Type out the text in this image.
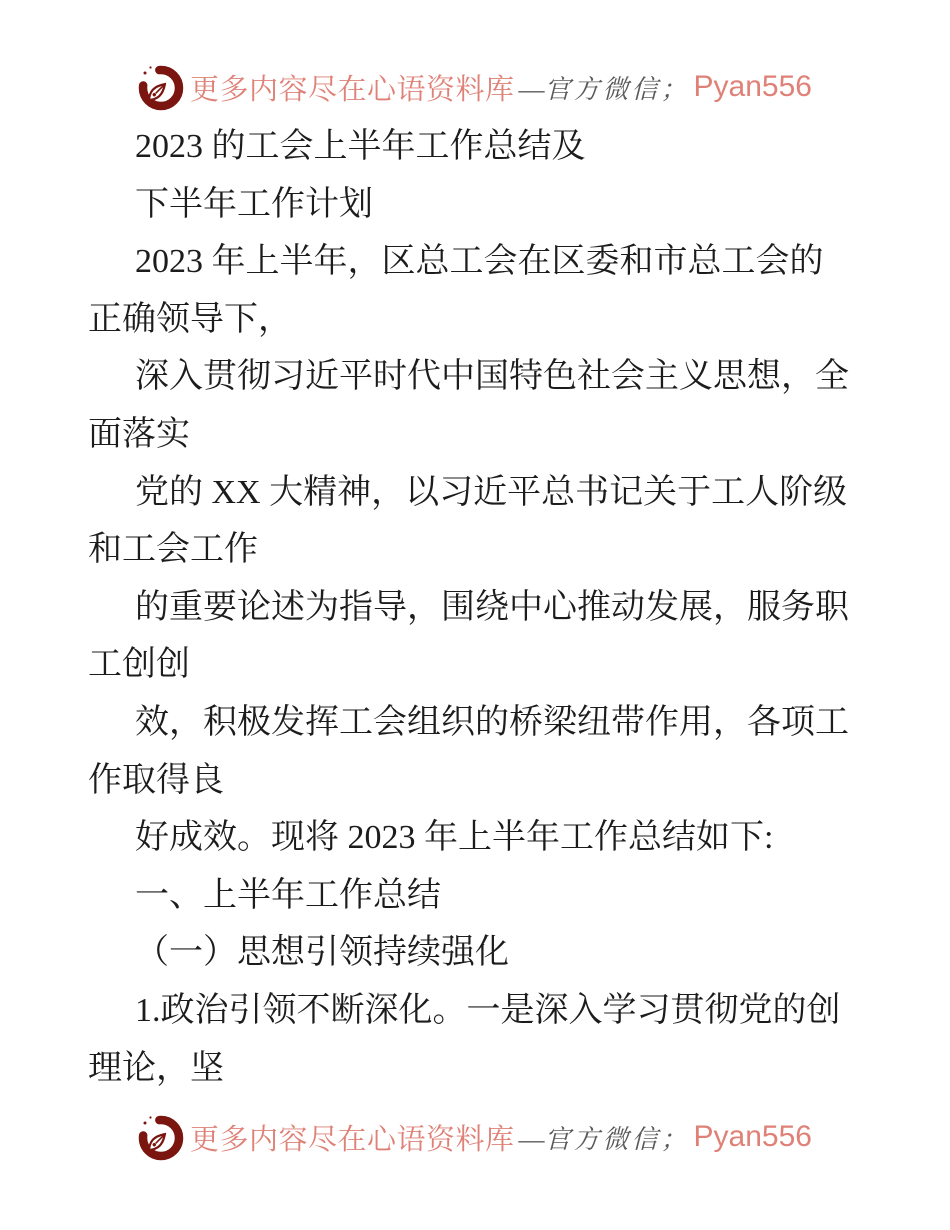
更多内容尽在心语资料库 —官方微信； Pyan556
2023 的工会上半年工作总结及
下半年工作计划
2023 年上半年，区总工会在区委和市总工会的
正确领导下，
深入贯彻习近平时代中国特色社会主义思想，全
面落实
党的 XX 大精神，以习近平总书记关于工人阶级
和工会工作
的重要论述为指导，围绕中心推动发展，服务职
工创创
效，积极发挥工会组织的桥梁纽带作用，各项工
作取得良
好成效。现将 2023 年上半年工作总结如下:
一、上半年工作总结
（一）思想引领持续强化
1.政治引领不断深化。一是深入学习贯彻党的创
理论，坚
更多内容尽在心语资料库 —官方微信； Pyan556
